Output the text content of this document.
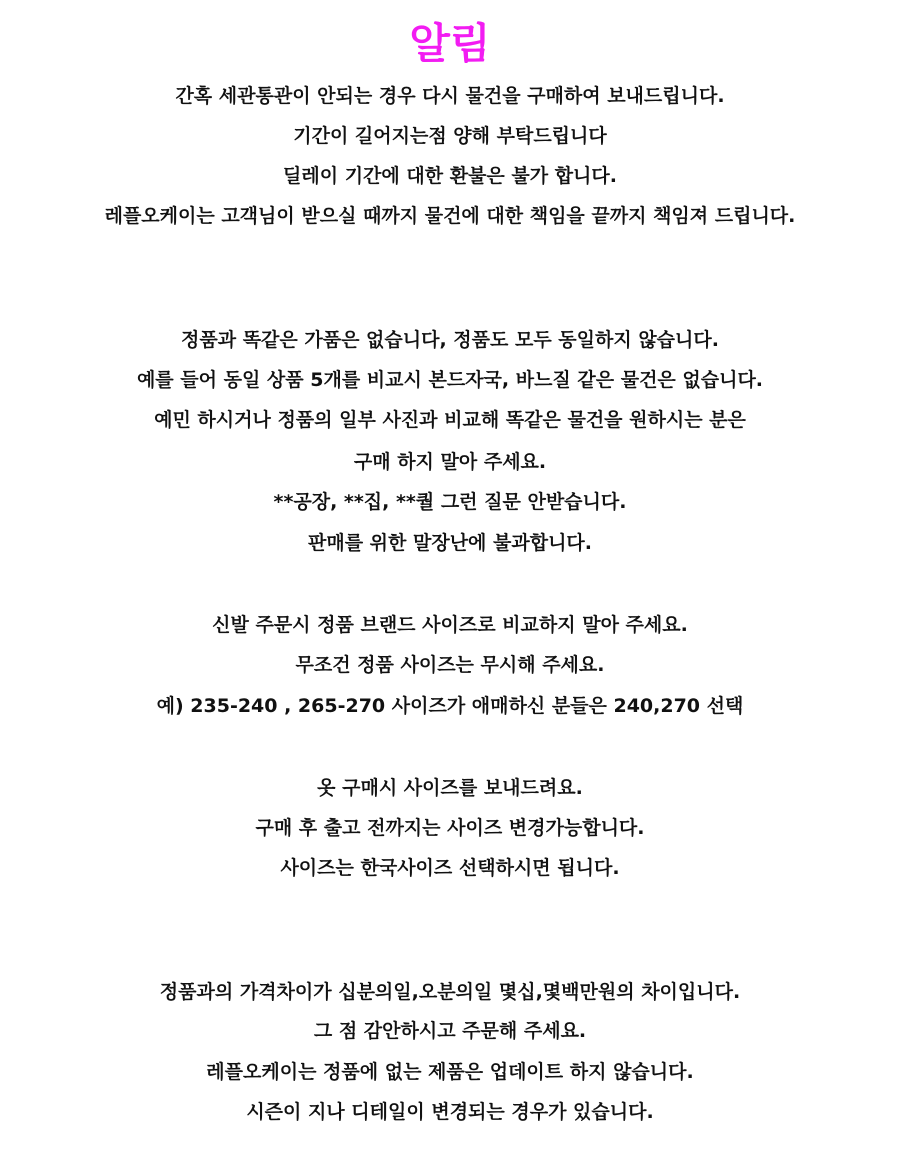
알림

간혹 세관통관이 안되는 경우 다시 물건을 구매하여 보내드립니다.

기간이 길어지는점 양해 부탁드립니다

딜레이 기간에 대한 환불은 불가 합니다.

레플오케이는 고객님이 받으실 때까지 물건에 대한 책임을 끝까지 책임져 드립니다.

정품과 똑같은 가품은 없습니다, 정품도 모두 동일하지 않습니다.

예를 들어 동일 상품 5개를 비교시 본드자국, 바느질 같은 물건은 없습니다.

예민 하시거나 정품의 일부 사진과 비교해 똑같은 물건을 원하시는 분은

구매 하지 말아 주세요.

**공장, **집, **퀄 그런 질문 안받습니다.

판매를 위한 말장난에 불과합니다.

신발 주문시 정품 브랜드 사이즈로 비교하지 말아 주세요.

무조건 정품 사이즈는 무시해 주세요.

예) 235-240 , 265-270 사이즈가 애매하신 분들은 240,270 선택

옷 구매시 사이즈를 보내드려요.

구매 후 출고 전까지는 사이즈 변경가능합니다.

사이즈는 한국사이즈 선택하시면 됩니다.

정품과의 가격차이가 십분의일,오분의일 몇십,몇백만원의 차이입니다.

그 점 감안하시고 주문해 주세요.

레플오케이는 정품에 없는 제품은 업데이트 하지 않습니다.

시즌이 지나 디테일이 변경되는 경우가 있습니다.
